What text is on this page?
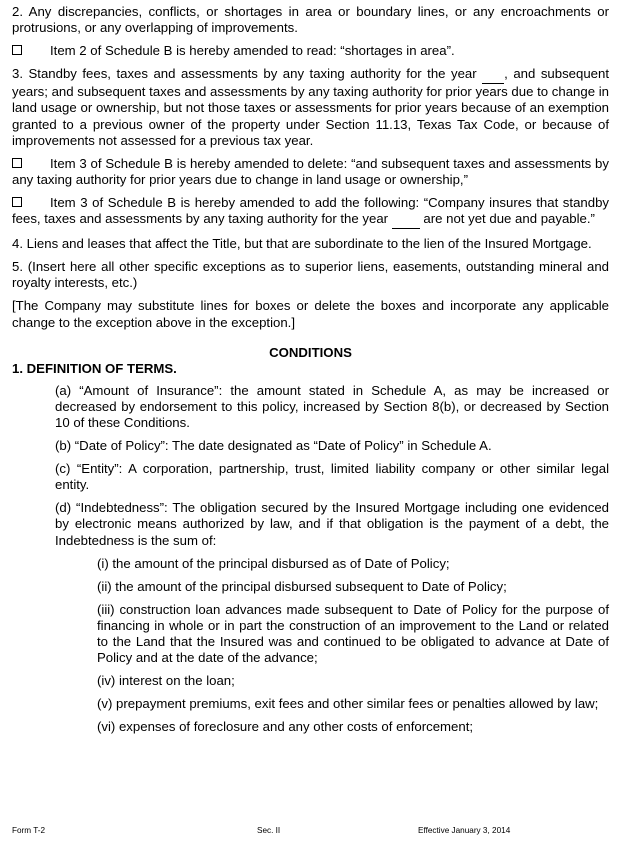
2. Any discrepancies, conflicts, or shortages in area or boundary lines, or any encroachments or protrusions, or any overlapping of improvements.

Item 2 of Schedule B is hereby amended to read: “shortages in area”.

3. Standby fees, taxes and assessments by any taxing authority for the year , and subsequent years; and subsequent taxes and assessments by any taxing authority for prior years due to change in land usage or ownership, but not those taxes or assessments for prior years because of an exemption granted to a previous owner of the property under Section 11.13, Texas Tax Code, or because of improvements not assessed for a previous tax year.

Item 3 of Schedule B is hereby amended to delete: “and subsequent taxes and assessments by any taxing authority for prior years due to change in land usage or ownership,”

Item 3 of Schedule B is hereby amended to add the following: “Company insures that standby fees, taxes and assessments by any taxing authority for the year	are not yet due and payable.”

4. Liens and leases that affect the Title, but that are subordinate to the lien of the Insured Mortgage.

5. (Insert here all other specific exceptions as to superior liens, easements, outstanding mineral and royalty interests, etc.)

[The Company may substitute lines for boxes or delete the boxes and incorporate any applicable change to the exception above in the exception.]

CONDITIONS

1. DEFINITION OF TERMS.

(a) “Amount of Insurance”: the amount stated in Schedule A, as may be increased or decreased by endorsement to this policy, increased by Section 8(b), or decreased by Section 10 of these Conditions.

(b) “Date of Policy”: The date designated as “Date of Policy” in Schedule A.

(c) “Entity”: A corporation, partnership, trust, limited liability company or other similar legal entity.

(d) “Indebtedness”: The obligation secured by the Insured Mortgage including one evidenced by electronic means authorized by law, and if that obligation is the payment of a debt, the Indebtedness is the sum of:

(i) the amount of the principal disbursed as of Date of Policy;

(ii) the amount of the principal disbursed subsequent to Date of Policy;

(iii) construction loan advances made subsequent to Date of Policy for the purpose of financing in whole or in part the construction of an improvement to the Land or related to the Land that the Insured was and continued to be obligated to advance at Date of Policy and at the date of the advance;

(iv) interest on the loan;

(v) prepayment premiums, exit fees and other similar fees or penalties allowed by law;

(vi) expenses of foreclosure and any other costs of enforcement;

Form T-2	Sec. II	Effective January 3, 2014
